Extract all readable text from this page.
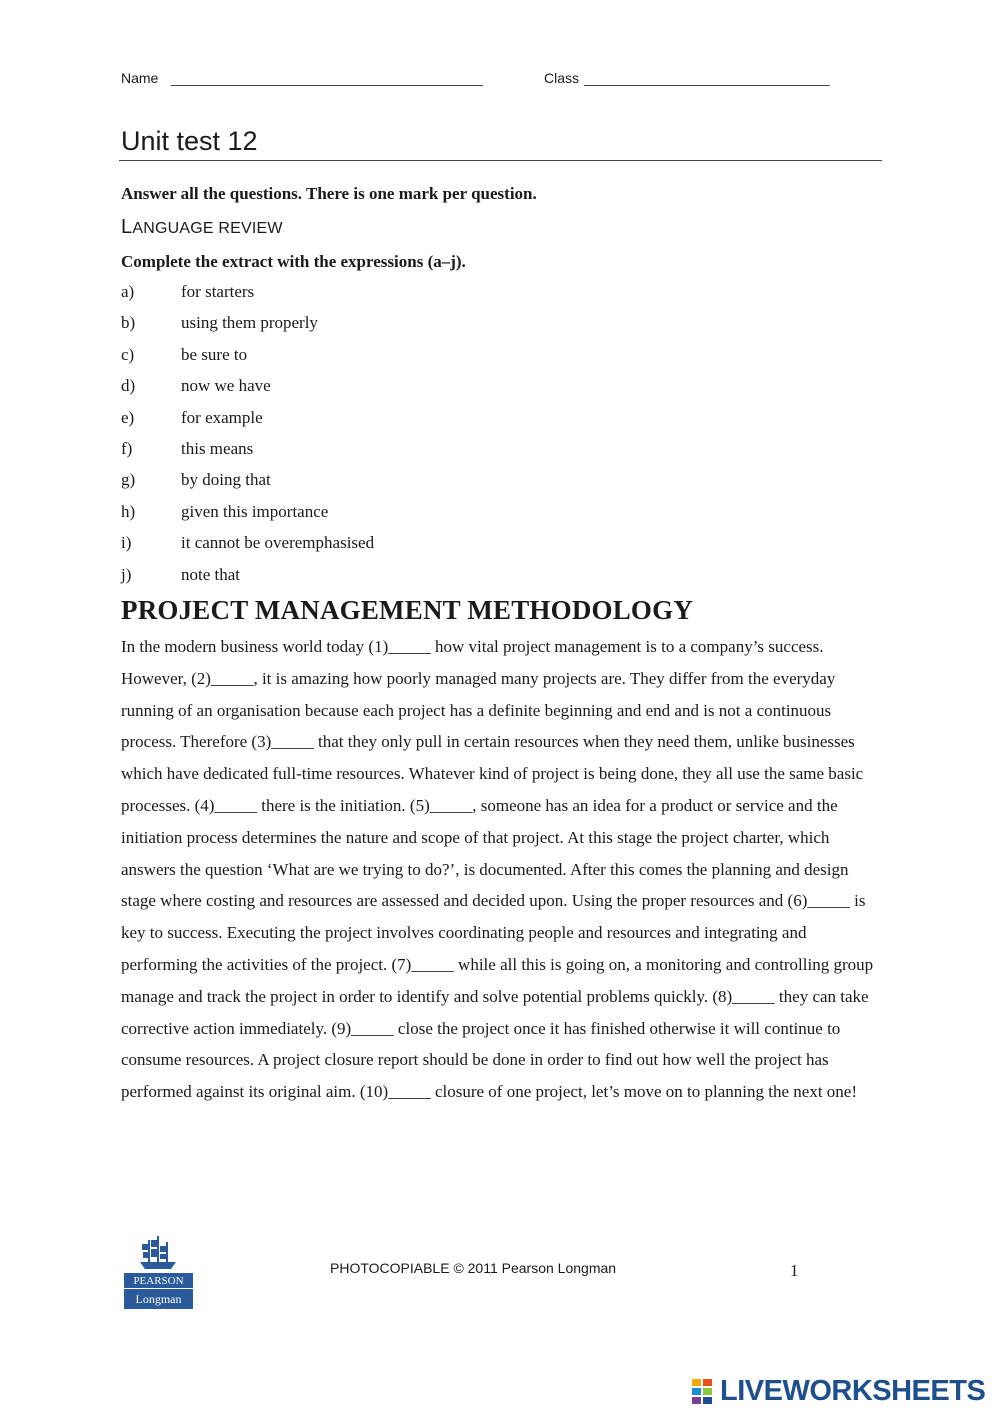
Name	Class
Unit test 12
Answer all the questions. There is one mark per question.
LANGUAGE REVIEW
Complete the extract with the expressions (a–j).
a)	for starters
b)	using them properly
c)	be sure to
d)	now we have
e)	for example
f)	this means
g)	by doing that
h)	given this importance
i)	it cannot be overemphasised
j)	note that
PROJECT MANAGEMENT METHODOLOGY

In the modern business world today (1)_____ how vital project management is to a company’s success. However, (2)_____, it is amazing how poorly managed many projects are. They differ from the everyday running of an organisation because each project has a definite beginning and end and is not a continuous process. Therefore (3)_____ that they only pull in certain resources when they need them, unlike businesses which have dedicated full-time resources. Whatever kind of project is being done, they all use the same basic processes. (4)_____ there is the initiation. (5)_____, someone has an idea for a product or service and the initiation process determines the nature and scope of that project. At this stage the project charter, which answers the question ‘What are we trying to do?’, is documented. After this comes the planning and design stage where costing and resources are assessed and decided upon. Using the proper resources and (6)_____ is key to success. Executing the project involves coordinating people and resources and integrating and performing the activities of the project. (7)_____ while all this is going on, a monitoring and controlling group manage and track the project in order to identify and solve potential problems quickly. (8)_____ they can take corrective action immediately. (9)_____ close the project once it has finished otherwise it will continue to consume resources. A project closure report should be done in order to find out how well the project has performed against its original aim. (10)_____ closure of one project, let’s move on to planning the next one!

PEARSON
Longman
PHOTOCOPIABLE © 2011 Pearson Longman	1
LIVEWORKSHEETS
